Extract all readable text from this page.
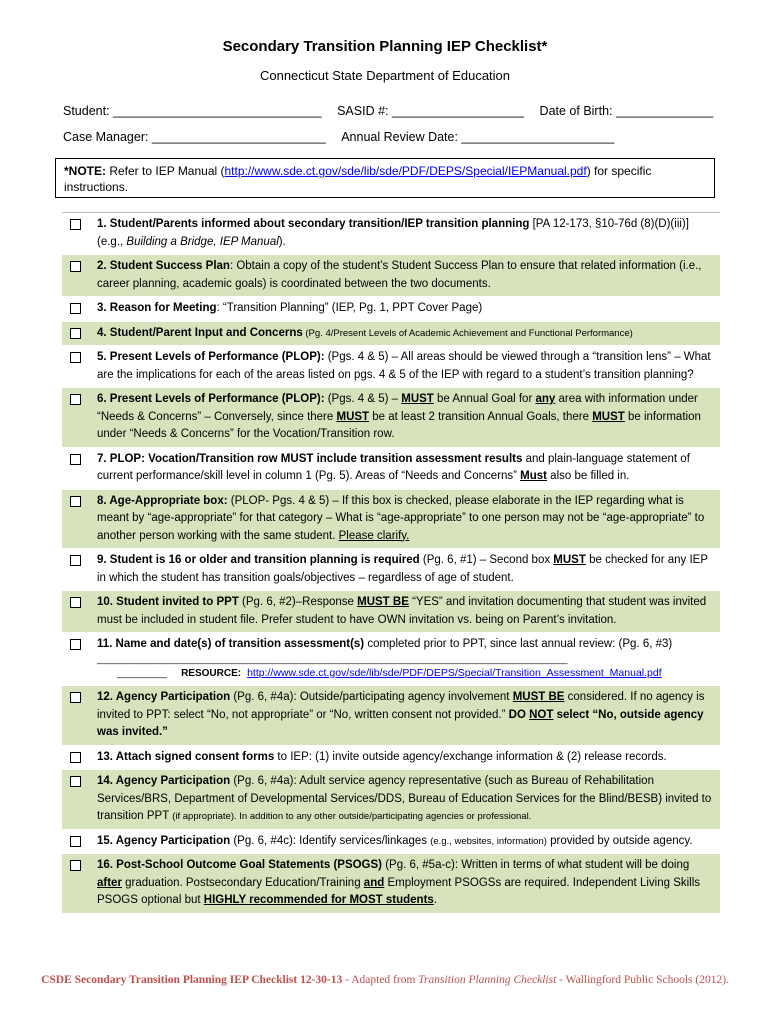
Secondary Transition Planning IEP Checklist*
Connecticut State Department of Education
Student: ______________________________ SASID #: ___________________ Date of Birth: ______________
Case Manager: _________________________ Annual Review Date: ______________________
*NOTE: Refer to IEP Manual (http://www.sde.ct.gov/sde/lib/sde/PDF/DEPS/Special/IEPManual.pdf) for specific instructions.
1. Student/Parents informed about secondary transition/IEP transition planning [PA 12-173, §10-76d (8)(D)(iii)] (e.g., Building a Bridge, IEP Manual).
2. Student Success Plan: Obtain a copy of the student’s Student Success Plan to ensure that related information (i.e., career planning, academic goals) is coordinated between the two documents.
3. Reason for Meeting: “Transition Planning” (IEP, Pg. 1, PPT Cover Page)
4. Student/Parent Input and Concerns (Pg. 4/Present Levels of Academic Achievement and Functional Performance)
5. Present Levels of Performance (PLOP): (Pgs. 4 & 5) – All areas should be viewed through a “transition lens” – What are the implications for each of the areas listed on pgs. 4 & 5 of the IEP with regard to a student’s transition planning?
6. Present Levels of Performance (PLOP): (Pgs. 4 & 5) – MUST be Annual Goal for any area with information under “Needs & Concerns” – Conversely, since there MUST be at least 2 transition Annual Goals, there MUST be information under “Needs & Concerns” for the Vocation/Transition row.
7. PLOP: Vocation/Transition row MUST include transition assessment results and plain-language statement of current performance/skill level in column 1 (Pg. 5). Areas of “Needs and Concerns” Must also be filled in.
8. Age-Appropriate box: (PLOP- Pgs. 4 & 5) – If this box is checked, please elaborate in the IEP regarding what is meant by “age-appropriate” for that category – What is “age-appropriate” to one person may not be “age-appropriate” to another person working with the same student. Please clarify.
9. Student is 16 or older and transition planning is required (Pg. 6, #1) – Second box MUST be checked for any IEP in which the student has transition goals/objectives – regardless of age of student.
10. Student invited to PPT (Pg. 6, #2)–Response MUST BE “YES” and invitation documenting that student was invited must be included in student file. Prefer student to have OWN invitation vs. being on Parent’s invitation.
11. Name and date(s) of transition assessment(s) completed prior to PPT, since last annual review: (Pg. 6, #3)
______________________________________________________________________________________________
__________ RESOURCE: http://www.sde.ct.gov/sde/lib/sde/PDF/DEPS/Special/Transition_Assessment_Manual.pdf
12. Agency Participation (Pg. 6, #4a): Outside/participating agency involvement MUST BE considered. If no agency is invited to PPT: select “No, not appropriate” or “No, written consent not provided.” DO NOT select “No, outside agency was invited.”
13. Attach signed consent forms to IEP: (1) invite outside agency/exchange information & (2) release records.
14. Agency Participation (Pg. 6, #4a): Adult service agency representative (such as Bureau of Rehabilitation Services/BRS, Department of Developmental Services/DDS, Bureau of Education Services for the Blind/BESB) invited to transition PPT (if appropriate). In addition to any other outside/participating agencies or professional.
15. Agency Participation (Pg. 6, #4c): Identify services/linkages (e.g., websites, information) provided by outside agency.
16. Post-School Outcome Goal Statements (PSOGS) (Pg. 6, #5a-c): Written in terms of what student will be doing after graduation. Postsecondary Education/Training and Employment PSOGSs are required. Independent Living Skills PSOGS optional but HIGHLY recommended for MOST students.
CSDE Secondary Transition Planning IEP Checklist 12-30-13 - Adapted from Transition Planning Checklist - Wallingford Public Schools (2012).
